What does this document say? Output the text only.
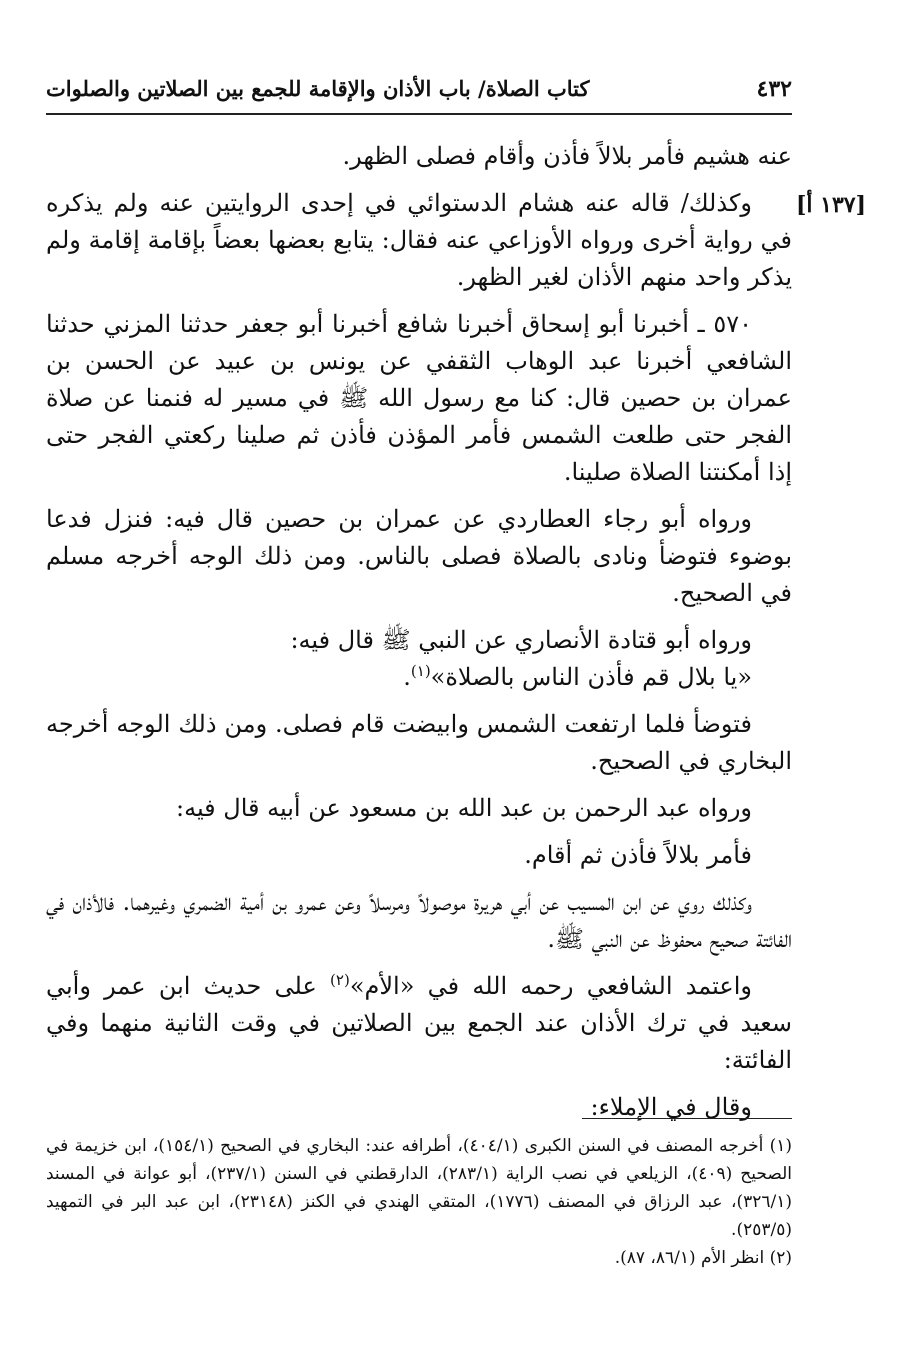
كتاب الصلاة/ باب الأذان والإقامة للجمع بين الصلاتين والصلوات	٤٣٢
[١٣٧ أ]

عنه هشيم فأمر بلالاً فأذن وأقام فصلى الظهر.

وكذلك/ قاله عنه هشام الدستوائي في إحدى الروايتين عنه ولم يذكره في رواية أخرى ورواه الأوزاعي عنه فقال: يتابع بعضها بعضاً بإقامة إقامة ولم يذكر واحد منهم الأذان لغير الظهر.

٥٧٠ ـ أخبرنا أبو إسحاق أخبرنا شافع أخبرنا أبو جعفر حدثنا المزني حدثنا الشافعي أخبرنا عبد الوهاب الثقفي عن يونس بن عبيد عن الحسن بن عمران بن حصين قال: كنا مع رسول الله ﷺ في مسير له فنمنا عن صلاة الفجر حتى طلعت الشمس فأمر المؤذن فأذن ثم صلينا ركعتي الفجر حتى إذا أمكنتنا الصلاة صلينا.

ورواه أبو رجاء العطاردي عن عمران بن حصين قال فيه: فنزل فدعا بوضوء فتوضأ ونادى بالصلاة فصلى بالناس. ومن ذلك الوجه أخرجه مسلم في الصحيح.

ورواه أبو قتادة الأنصاري عن النبي ﷺ قال فيه:

«يا بلال قم فأذن الناس بالصلاة»$^{(١)}$.

فتوضأ فلما ارتفعت الشمس وابيضت قام فصلى. ومن ذلك الوجه أخرجه البخاري في الصحيح.

ورواه عبد الرحمن بن عبد الله بن مسعود عن أبيه قال فيه:

فأمر بلالاً فأذن ثم أقام.

وكذلك روي عن ابن المسيب عن أبي هريرة موصولاً ومرسلاً وعن عمرو بن أمية الضمري وغيرهما. فالأذان في الفائتة صحيح محفوظ عن النبي ﷺ.

واعتمد الشافعي رحمه الله في «الأم»$^{(٢)}$ على حديث ابن عمر وأبي سعيد في ترك الأذان عند الجمع بين الصلاتين في وقت الثانية منهما وفي الفائتة:

وقال في الإملاء:

(١) أخرجه المصنف في السنن الكبرى (٤٠٤/١)، أطرافه عند: البخاري في الصحيح (١٥٤/١)، ابن خزيمة في الصحيح (٤٠٩)، الزيلعي في نصب الراية (٢٨٣/١)، الدارقطني في السنن (٢٣٧/١)، أبو عوانة في المسند (٣٢٦/١)، عبد الرزاق في المصنف (١٧٧٦)، المتقي الهندي في الكنز (٢٣١٤٨)، ابن عبد البر في التمهيد (٢٥٣/٥).

(٢) انظر الأم (٨٦/١، ٨٧).
